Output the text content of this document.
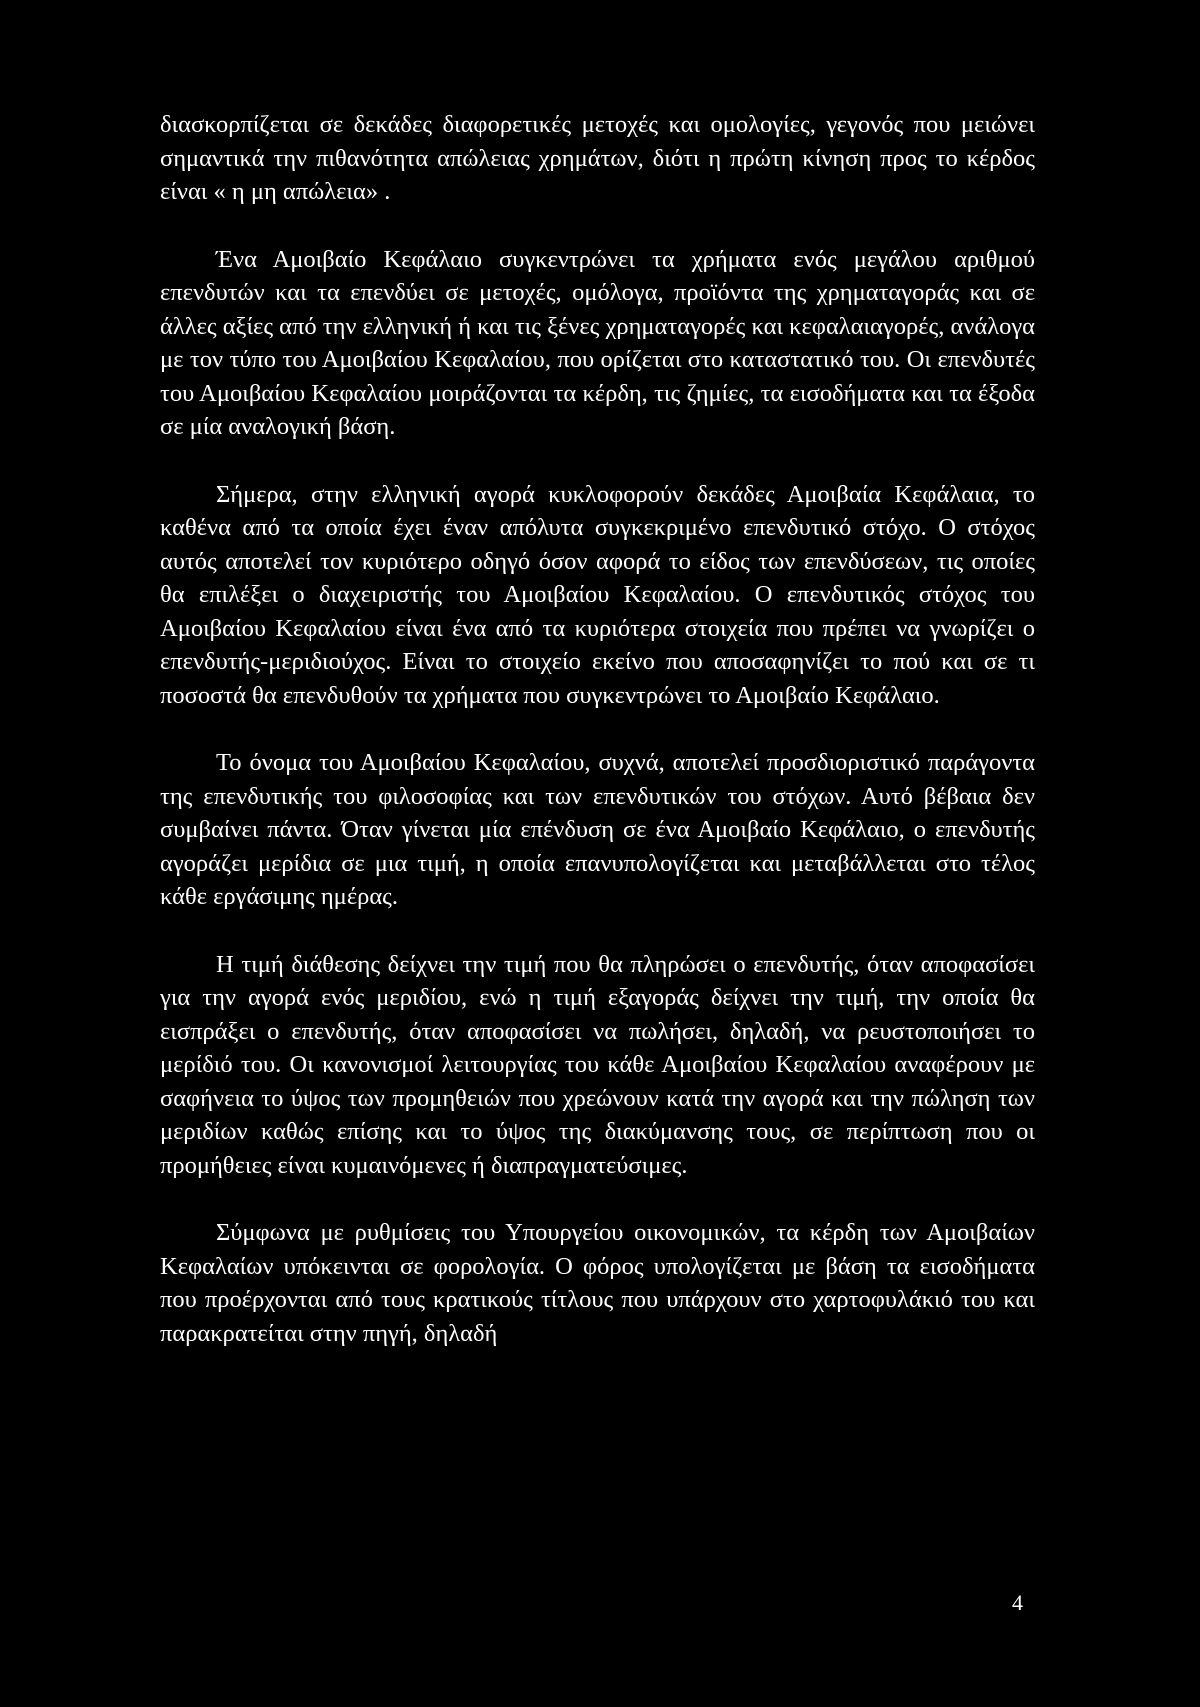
διασκορπίζεται σε δεκάδες διαφορετικές μετοχές και ομολογίες, γεγονός που μειώνει σημαντικά την πιθανότητα απώλειας χρημάτων, διότι η πρώτη κίνηση προς το κέρδος είναι « η μη απώλεια» .

Ένα Αμοιβαίο Κεφάλαιο συγκεντρώνει τα χρήματα ενός μεγάλου αριθμού επενδυτών και τα επενδύει σε μετοχές, ομόλογα, προϊόντα της χρηματαγοράς και σε άλλες αξίες από την ελληνική ή και τις ξένες χρηματαγορές και κεφαλαιαγορές, ανάλογα με τον τύπο του Αμοιβαίου Κεφαλαίου, που ορίζεται στο καταστατικό του. Οι επενδυτές του Αμοιβαίου Κεφαλαίου μοιράζονται τα κέρδη, τις ζημίες, τα εισοδήματα και τα έξοδα σε μία αναλογική βάση.

Σήμερα, στην ελληνική αγορά κυκλοφορούν δεκάδες Αμοιβαία Κεφάλαια, το καθένα από τα οποία έχει έναν απόλυτα συγκεκριμένο επενδυτικό στόχο. Ο στόχος αυτός αποτελεί τον κυριότερο οδηγό όσον αφορά το είδος των επενδύσεων, τις οποίες θα επιλέξει ο διαχειριστής του Αμοιβαίου Κεφαλαίου. Ο επενδυτικός στόχος του Αμοιβαίου Κεφαλαίου είναι ένα από τα κυριότερα στοιχεία που πρέπει να γνωρίζει ο επενδυτής-μεριδιούχος. Είναι το στοιχείο εκείνο που αποσαφηνίζει το πού και σε τι ποσοστά θα επενδυθούν τα χρήματα που συγκεντρώνει το Αμοιβαίο Κεφάλαιο.

Το όνομα του Αμοιβαίου Κεφαλαίου, συχνά, αποτελεί προσδιοριστικό παράγοντα της επενδυτικής του φιλοσοφίας και των επενδυτικών του στόχων. Αυτό βέβαια δεν συμβαίνει πάντα. Όταν γίνεται μία επένδυση σε ένα Αμοιβαίο Κεφάλαιο, ο επενδυτής αγοράζει μερίδια σε μια τιμή, η οποία επανυπολογίζεται και μεταβάλλεται στο τέλος κάθε εργάσιμης ημέρας.

Η τιμή διάθεσης δείχνει την τιμή που θα πληρώσει ο επενδυτής, όταν αποφασίσει για την αγορά ενός μεριδίου, ενώ η τιμή εξαγοράς δείχνει την τιμή, την οποία θα εισπράξει ο επενδυτής, όταν αποφασίσει να πωλήσει, δηλαδή, να ρευστοποιήσει το μερίδιό του. Οι κανονισμοί λειτουργίας του κάθε Αμοιβαίου Κεφαλαίου αναφέρουν με σαφήνεια το ύψος των προμηθειών που χρεώνουν κατά την αγορά και την πώληση των μεριδίων καθώς επίσης και το ύψος της διακύμανσης τους, σε περίπτωση που οι προμήθειες είναι κυμαινόμενες ή διαπραγματεύσιμες.

Σύμφωνα με ρυθμίσεις του Υπουργείου οικονομικών, τα κέρδη των Αμοιβαίων Κεφαλαίων υπόκεινται σε φορολογία. Ο φόρος υπολογίζεται με βάση τα εισοδήματα που προέρχονται από τους κρατικούς τίτλους που υπάρχουν στο χαρτοφυλάκιό του και παρακρατείται στην πηγή, δηλαδή

4
